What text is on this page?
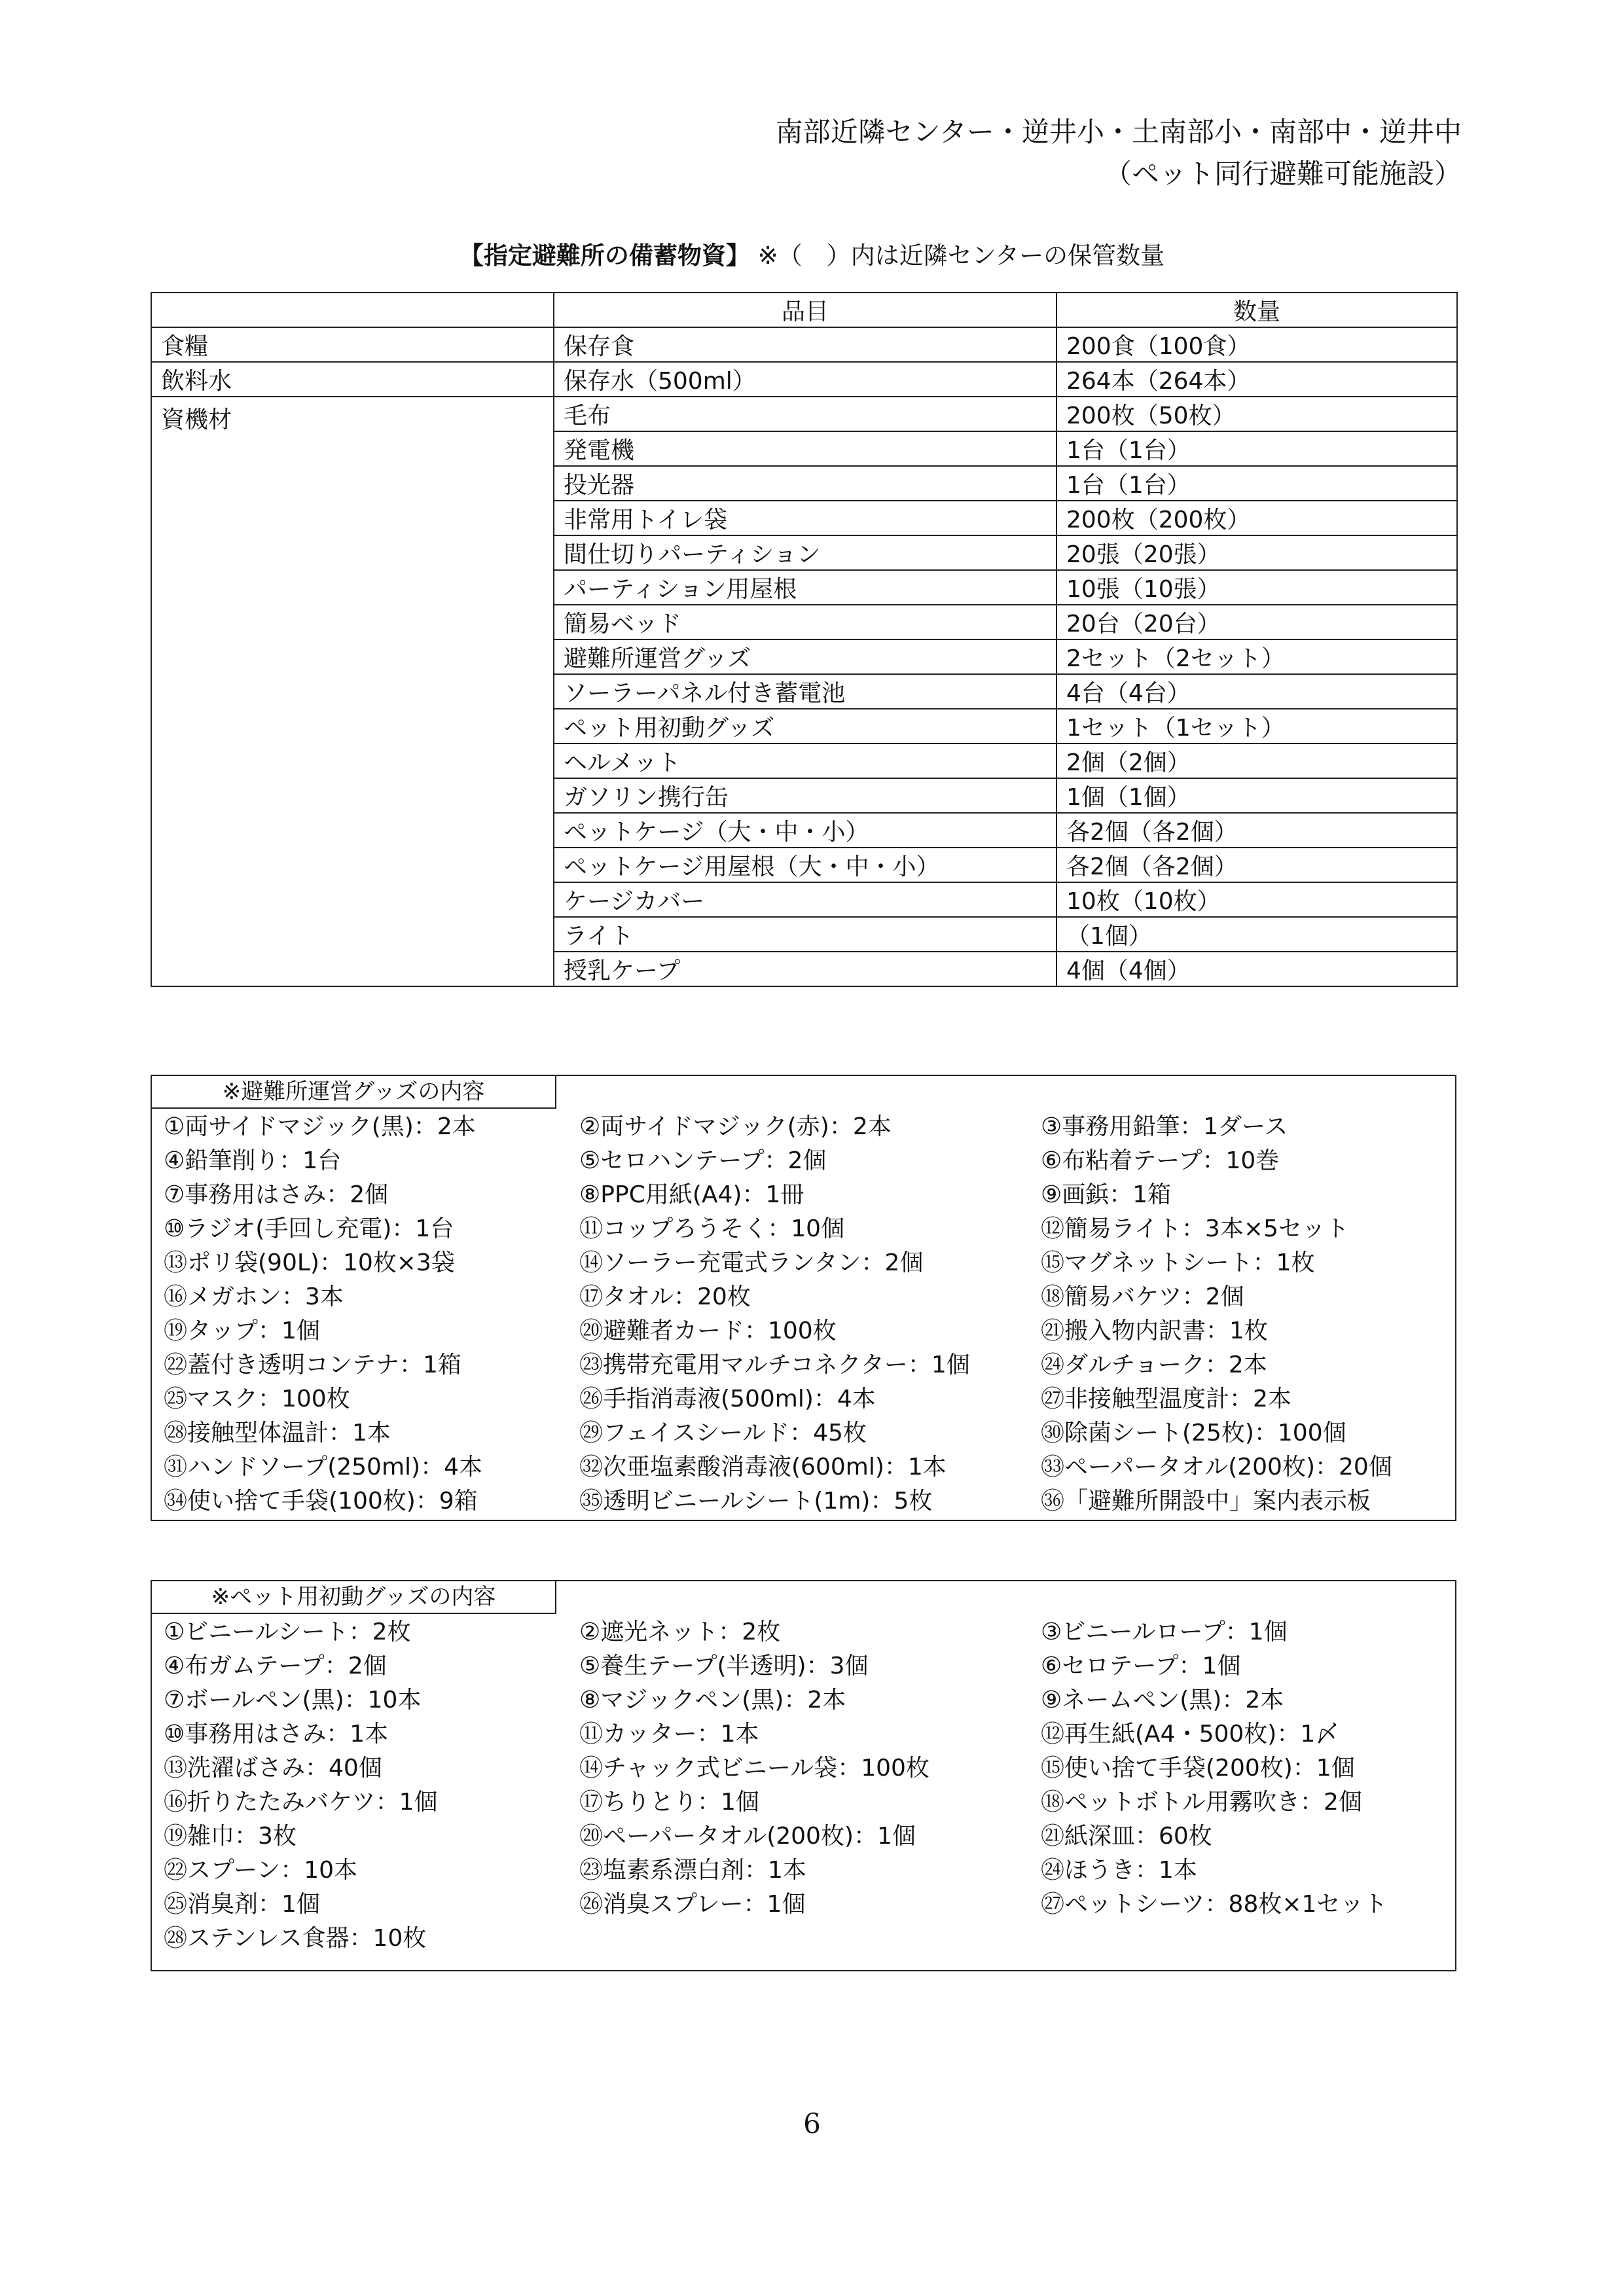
南部近隣センター・逆井小・土南部小・南部中・逆井中
（ペット同行避難可能施設）
【指定避難所の備蓄物資】 ※（　）内は近隣センターの保管数量
	品目	数量
食糧	保存食	200食（100食）
飲料水	保存水（500ml）	264本（264本）
資機材	毛布	200枚（50枚）
	発電機	1台（1台）
	投光器	1台（1台）
	非常用トイレ袋	200枚（200枚）
	間仕切りパーティション	20張（20張）
	パーティション用屋根	10張（10張）
	簡易ベッド	20台（20台）
	避難所運営グッズ	2セット（2セット）
	ソーラーパネル付き蓄電池	4台（4台）
	ペット用初動グッズ	1セット（1セット）
	ヘルメット	2個（2個）
	ガソリン携行缶	1個（1個）
	ペットケージ（大・中・小）	各2個（各2個）
	ペットケージ用屋根（大・中・小）	各2個（各2個）
	ケージカバー	10枚（10枚）
	ライト	（1個）
	授乳ケープ	4個（4個）
※避難所運営グッズの内容
①両サイドマジック(黒)：2本	②両サイドマジック(赤)：2本	③事務用鉛筆：1ダース
④鉛筆削り：1台	⑤セロハンテープ：2個	⑥布粘着テープ：10巻
⑦事務用はさみ：2個	⑧PPC用紙(A4)：1冊	⑨画鋲：1箱
⑩ラジオ(手回し充電)：1台	⑪コップろうそく：10個	⑫簡易ライト：3本×5セット
⑬ポリ袋(90L)：10枚×3袋	⑭ソーラー充電式ランタン：2個	⑮マグネットシート：1枚
⑯メガホン：3本	⑰タオル：20枚	⑱簡易バケツ：2個
⑲タップ：1個	⑳避難者カード：100枚	㉑搬入物内訳書：1枚
㉒蓋付き透明コンテナ：1箱	㉓携帯充電用マルチコネクター：1個	㉔ダルチョーク：2本
㉕マスク：100枚	㉖手指消毒液(500ml)：4本	㉗非接触型温度計：2本
㉘接触型体温計：1本	㉙フェイスシールド：45枚	㉚除菌シート(25枚)：100個
㉛ハンドソープ(250ml)：4本	㉜次亜塩素酸消毒液(600ml)：1本	㉝ペーパータオル(200枚)：20個
㉞使い捨て手袋(100枚)：9箱	㉟透明ビニールシート(1m)：5枚	㊱「避難所開設中」案内表示板
※ペット用初動グッズの内容
①ビニールシート：2枚	②遮光ネット：2枚	③ビニールロープ：1個
④布ガムテープ：2個	⑤養生テープ(半透明)：3個	⑥セロテープ：1個
⑦ボールペン(黒)：10本	⑧マジックペン(黒)：2本	⑨ネームペン(黒)：2本
⑩事務用はさみ：1本	⑪カッター：1本	⑫再生紙(A4・500枚)：1〆
⑬洗濯ばさみ：40個	⑭チャック式ビニール袋：100枚	⑮使い捨て手袋(200枚)：1個
⑯折りたたみバケツ：1個	⑰ちりとり：1個	⑱ペットボトル用霧吹き：2個
⑲雑巾：3枚	⑳ペーパータオル(200枚)：1個	㉑紙深皿：60枚
㉒スプーン：10本	㉓塩素系漂白剤：1本	㉔ほうき：1本
㉕消臭剤：1個	㉖消臭スプレー：1個	㉗ペットシーツ：88枚×1セット
㉘ステンレス食器：10枚
6
